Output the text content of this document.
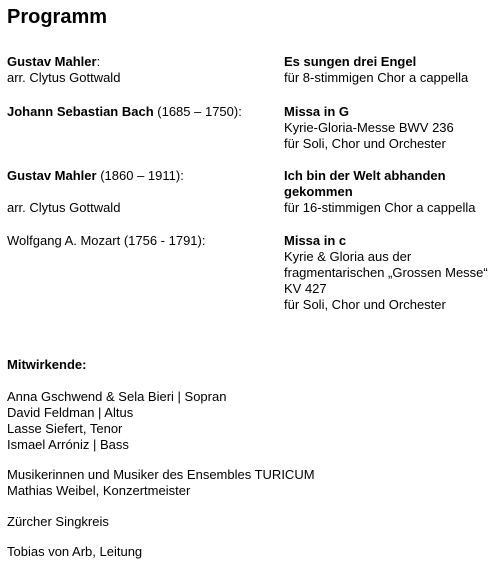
Programm
Gustav Mahler:
arr. Clytus Gottwald
Es sungen drei Engel
für 8-stimmigen Chor a cappella
Johann Sebastian Bach (1685 – 1750):	Missa in G
Kyrie-Gloria-Messe BWV 236
für Soli, Chor und Orchester
Gustav Mahler (1860 – 1911):
arr. Clytus Gottwald
Ich bin der Welt abhanden
gekommen
für 16-stimmigen Chor a cappella
Wolfgang A. Mozart (1756 - 1791):	Missa in c
Kyrie & Gloria aus der
fragmentarischen „Grossen Messe“
KV 427
für Soli, Chor und Orchester
Mitwirkende:
Anna Gschwend & Sela Bieri | Sopran
David Feldman | Altus
Lasse Siefert, Tenor
Ismael Arróniz | Bass
Musikerinnen und Musiker des Ensembles TURICUM
Mathias Weibel, Konzertmeister
Zürcher Singkreis
Tobias von Arb, Leitung
